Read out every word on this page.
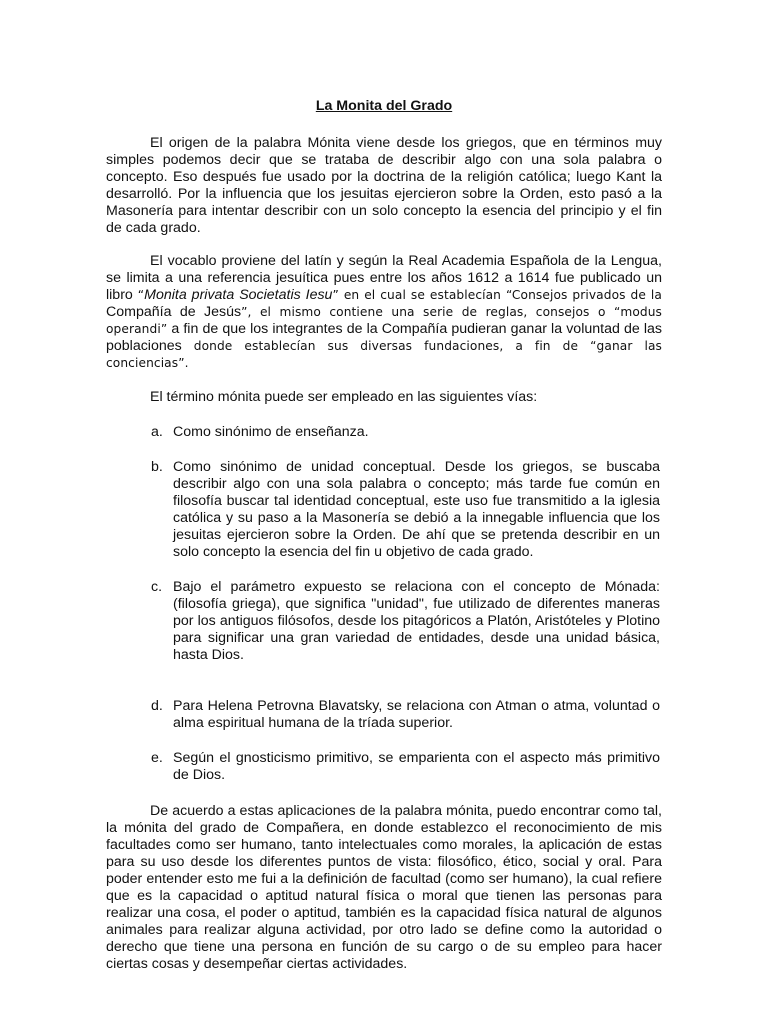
La Monita del Grado

El origen de la palabra Mónita viene desde los griegos, que en términos muy simples podemos decir que se trataba de describir algo con una sola palabra o concepto. Eso después fue usado por la doctrina de la religión católica; luego Kant la desarrolló. Por la influencia que los jesuitas ejercieron sobre la Orden, esto pasó a la Masonería para intentar describir con un solo concepto la esencia del principio y el fin de cada grado.

El vocablo proviene del latín y según la Real Academia Española de la Lengua, se limita a una referencia jesuítica pues entre los años 1612 a 1614 fue publicado un libro “Monita privata Societatis Iesu” en el cual se establecían “Consejos privados de la Compañía de Jesús”, el mismo contiene una serie de reglas, consejos o “modus operandi” a fin de que los integrantes de la Compañía pudieran ganar la voluntad de las poblaciones donde establecían sus diversas fundaciones, a fin de “ganar las conciencias”.

El término mónita puede ser empleado en las siguientes vías:

a. Como sinónimo de enseñanza.
b. Como sinónimo de unidad conceptual. Desde los griegos, se buscaba describir algo con una sola palabra o concepto; más tarde fue común en filosofía buscar tal identidad conceptual, este uso fue transmitido a la iglesia católica y su paso a la Masonería se debió a la innegable influencia que los jesuitas ejercieron sobre la Orden. De ahí que se pretenda describir en un solo concepto la esencia del fin u objetivo de cada grado.
c. Bajo el parámetro expuesto se relaciona con el concepto de Mónada: (filosofía griega), que significa "unidad", fue utilizado de diferentes maneras por los antiguos filósofos, desde los pitagóricos a Platón, Aristóteles y Plotino para significar una gran variedad de entidades, desde una unidad básica, hasta Dios.
d. Para Helena Petrovna Blavatsky, se relaciona con Atman o atma, voluntad o alma espiritual humana de la tríada superior.
e. Según el gnosticismo primitivo, se emparienta con el aspecto más primitivo de Dios.

De acuerdo a estas aplicaciones de la palabra mónita, puedo encontrar como tal, la mónita del grado de Compañera, en donde establezco el reconocimiento de mis facultades como ser humano, tanto intelectuales como morales, la aplicación de estas para su uso desde los diferentes puntos de vista: filosófico, ético, social y oral. Para poder entender esto me fui a la definición de facultad (como ser humano), la cual refiere que es la capacidad o aptitud natural física o moral que tienen las personas para realizar una cosa, el poder o aptitud, también es la capacidad física natural de algunos animales para realizar alguna actividad, por otro lado se define como la autoridad o derecho que tiene una persona en función de su cargo o de su empleo para hacer ciertas cosas y desempeñar ciertas actividades.
